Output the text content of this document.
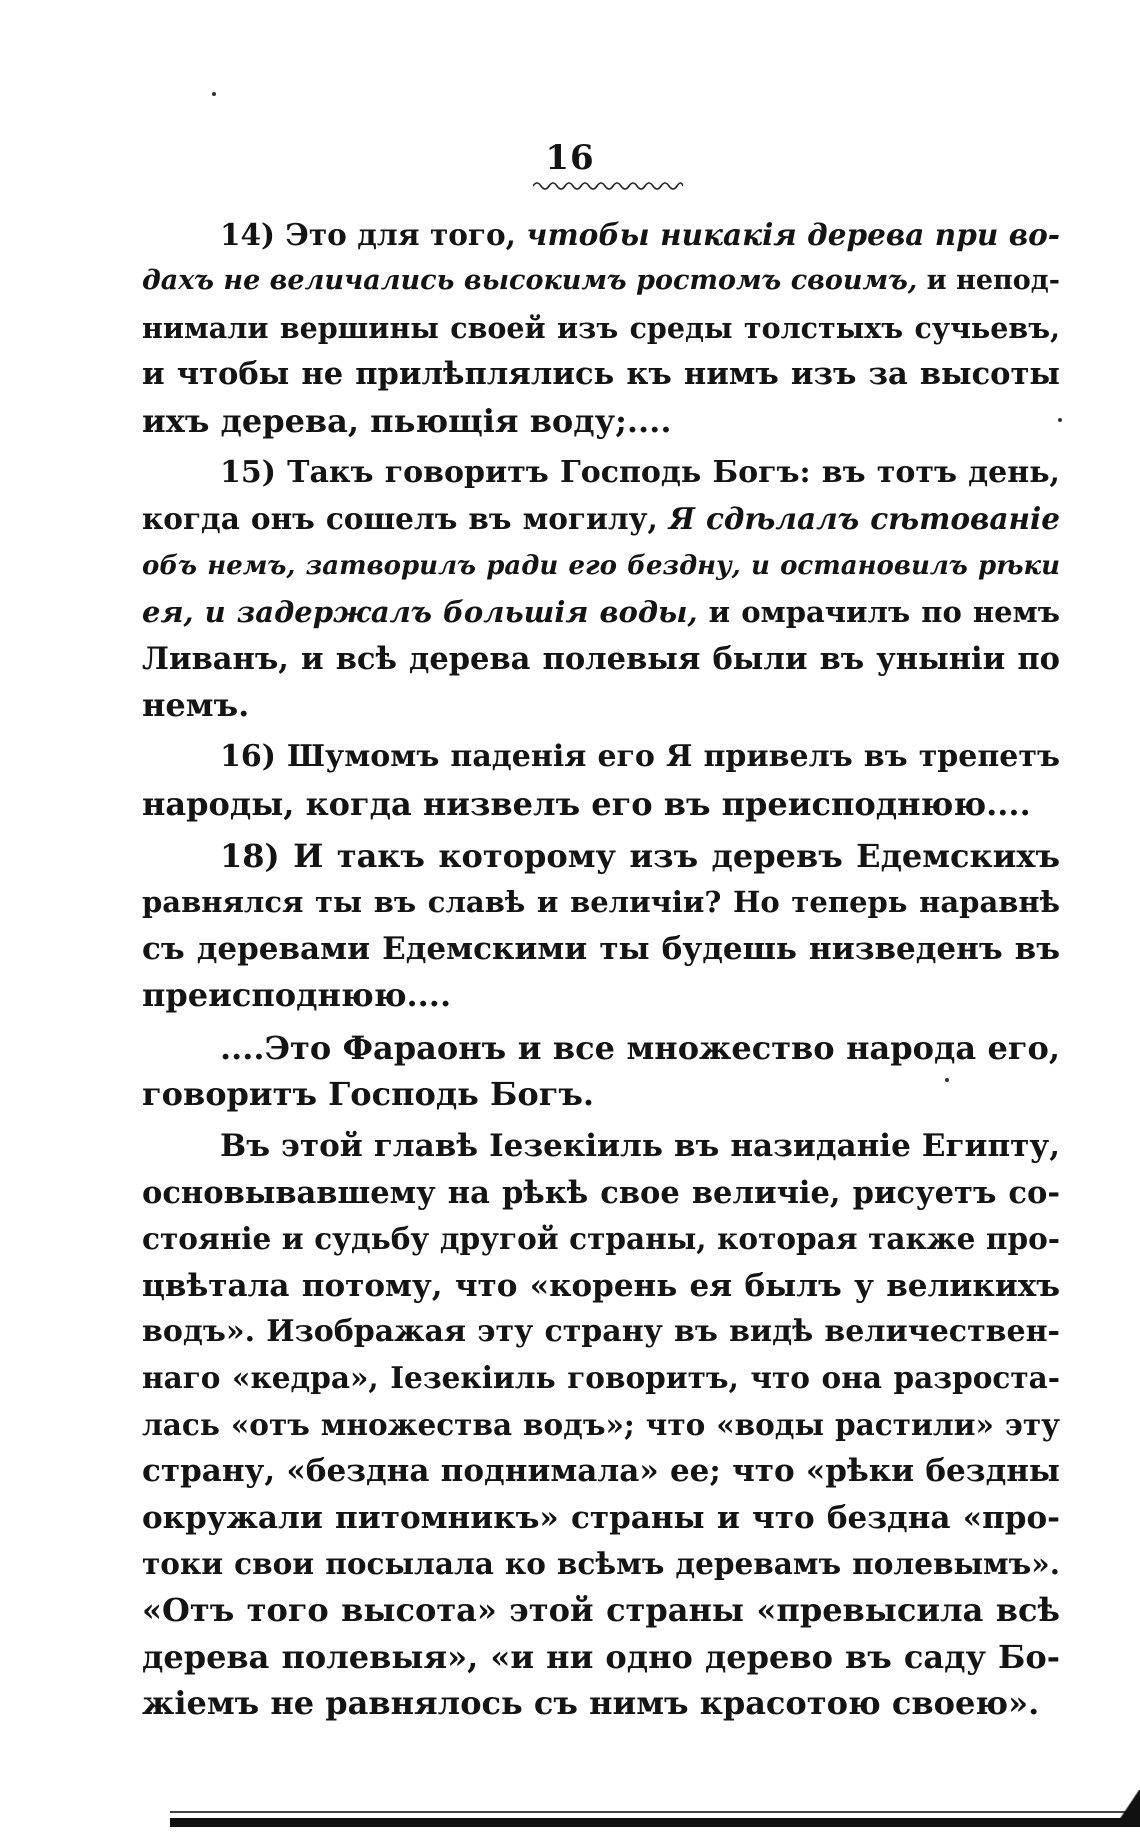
16
14) Это для того, чтобы никакія дерева при во-
дахъ не величались высокимъ ростомъ своимъ, и непод-
нимали вершины своей изъ среды толстыхъ сучьевъ,
и чтобы не прилѣплялись къ нимъ изъ за высоты
ихъ дерева, пьющія воду;....
15) Такъ говоритъ Господь Богъ: въ тотъ день,
когда онъ сошелъ въ могилу, Я сдѣлалъ сѣтованіе
объ немъ, затворилъ ради его бездну, и остановилъ рѣки
ея, и задержалъ большія воды, и омрачилъ по немъ
Ливанъ, и всѣ дерева полевыя были въ уныніи по
немъ.
16) Шумомъ паденія его Я привелъ въ трепетъ
народы, когда низвелъ его въ преисподнюю....
18) И такъ которому изъ деревъ Едемскихъ
равнялся ты въ славѣ и величіи? Но теперь наравнѣ
съ деревами Едемскими ты будешь низведенъ въ
преисподнюю....
....Это Фараонъ и все множество народа его,
говоритъ Господь Богъ.
Въ этой главѣ Іезекіиль въ назиданіе Египту,
основывавшему на рѣкѣ свое величіе, рисуетъ со-
стояніе и судьбу другой страны, которая также про-
цвѣтала потому, что «корень ея былъ у великихъ
водъ». Изображая эту страну въ видѣ величествен-
наго «кедра», Іезекіиль говоритъ, что она разроста-
лась «отъ множества водъ»; что «воды растили» эту
страну, «бездна поднимала» ее; что «рѣки бездны
окружали питомникъ» страны и что бездна «про-
токи свои посылала ко всѣмъ деревамъ полевымъ».
«Отъ того высота» этой страны «превысила всѣ
дерева полевыя», «и ни одно дерево въ саду Бо-
жіемъ не равнялось съ нимъ красотою своею».
